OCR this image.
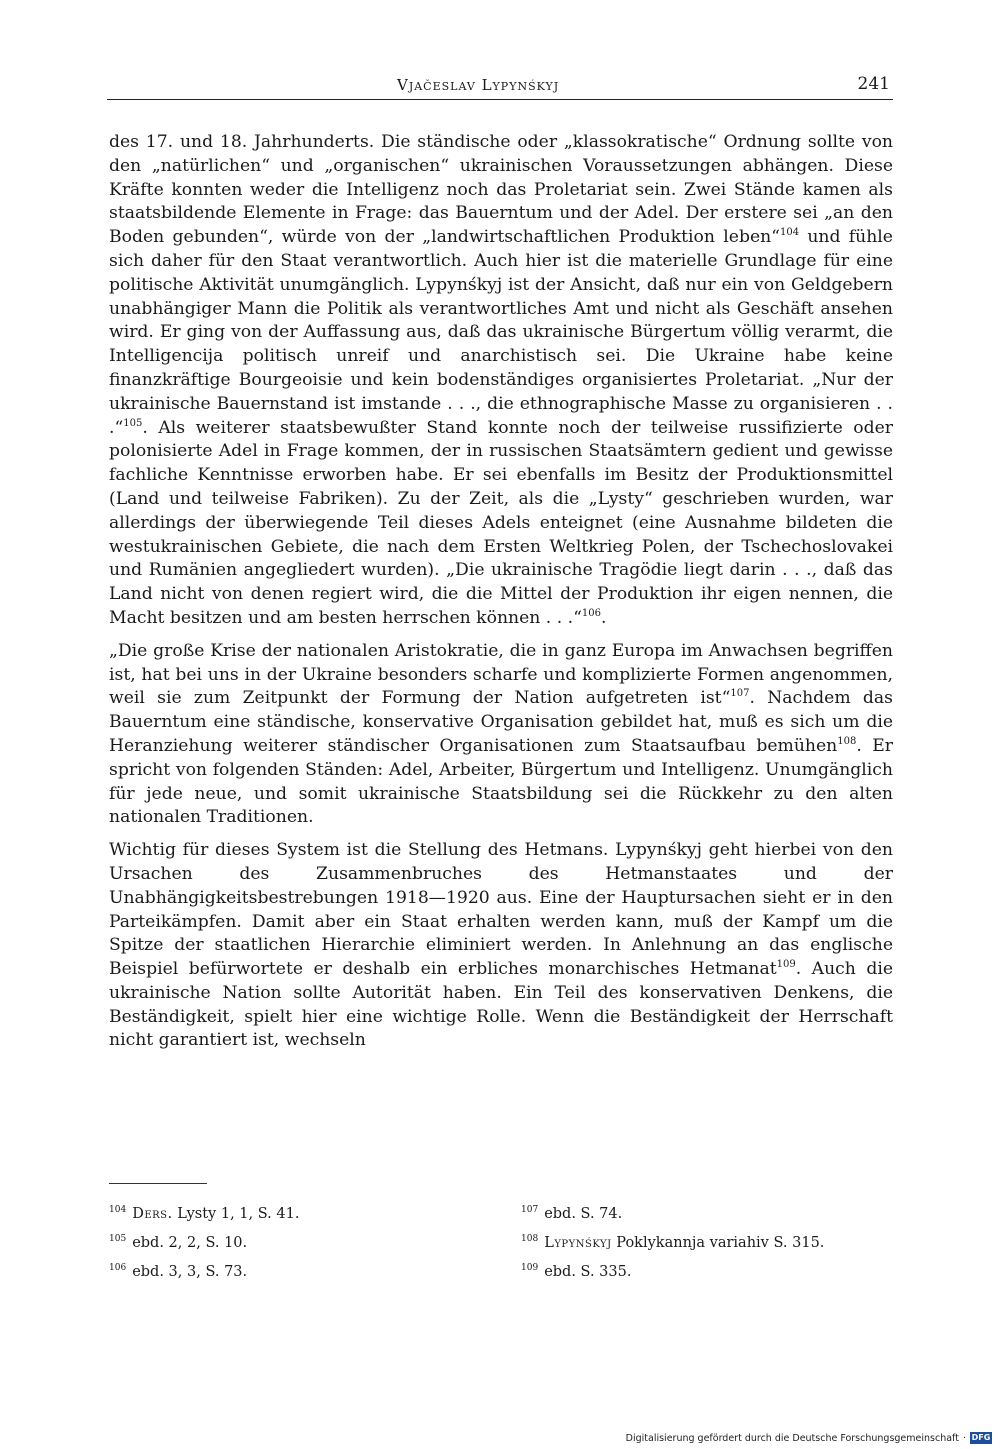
Vjačeslav Lypynśkyj	241

des 17. und 18. Jahrhunderts. Die ständische oder „klassokratische“ Ordnung sollte von den „natürlichen“ und „organischen“ ukrainischen Voraussetzungen abhängen. Diese Kräfte konnten weder die Intelligenz noch das Proletariat sein. Zwei Stände kamen als staatsbildende Elemente in Frage: das Bauerntum und der Adel. Der erstere sei „an den Boden gebunden“, würde von der „landwirtschaftlichen Produktion leben“$^{104}$ und fühle sich daher für den Staat verantwortlich. Auch hier ist die materielle Grundlage für eine politische Aktivität unumgänglich. Lypynśkyj ist der Ansicht, daß nur ein von Geldgebern unabhängiger Mann die Politik als verantwortliches Amt und nicht als Geschäft ansehen wird. Er ging von der Auffassung aus, daß das ukrainische Bürgertum völlig verarmt, die Intelligencija politisch unreif und anarchistisch sei. Die Ukraine habe keine finanzkräftige Bourgeoisie und kein bodenständiges organisiertes Proletariat. „Nur der ukrainische Bauernstand ist imstande . . ., die ethnographische Masse zu organisieren . . .“$^{105}$. Als weiterer staatsbewußter Stand konnte noch der teilweise russifizierte oder polonisierte Adel in Frage kommen, der in russischen Staatsämtern gedient und gewisse fachliche Kenntnisse erworben habe. Er sei ebenfalls im Besitz der Produktionsmittel (Land und teilweise Fabriken). Zu der Zeit, als die „Lysty“ geschrieben wurden, war allerdings der überwiegende Teil dieses Adels enteignet (eine Ausnahme bildeten die westukrainischen Gebiete, die nach dem Ersten Weltkrieg Polen, der Tschechoslovakei und Rumänien angegliedert wurden). „Die ukrainische Tragödie liegt darin . . ., daß das Land nicht von denen regiert wird, die die Mittel der Produktion ihr eigen nennen, die Macht besitzen und am besten herrschen können . . .“$^{106}$.

„Die große Krise der nationalen Aristokratie, die in ganz Europa im Anwachsen begriffen ist, hat bei uns in der Ukraine besonders scharfe und komplizierte Formen angenommen, weil sie zum Zeitpunkt der Formung der Nation aufgetreten ist“$^{107}$. Nachdem das Bauerntum eine ständische, konservative Organisation gebildet hat, muß es sich um die Heranziehung weiterer ständischer Organisationen zum Staatsaufbau bemühen$^{108}$. Er spricht von folgenden Ständen: Adel, Arbeiter, Bürgertum und Intelligenz. Unumgänglich für jede neue, und somit ukrainische Staatsbildung sei die Rückkehr zu den alten nationalen Traditionen.

Wichtig für dieses System ist die Stellung des Hetmans. Lypynśkyj geht hierbei von den Ursachen des Zusammenbruches des Hetmanstaates und der Unabhängigkeitsbestrebungen 1918—1920 aus. Eine der Hauptursachen sieht er in den Parteikämpfen. Damit aber ein Staat erhalten werden kann, muß der Kampf um die Spitze der staatlichen Hierarchie eliminiert werden. In Anlehnung an das englische Beispiel befürwortete er deshalb ein erbliches monarchisches Hetmanat$^{109}$. Auch die ukrainische Nation sollte Autorität haben. Ein Teil des konservativen Denkens, die Beständigkeit, spielt hier eine wichtige Rolle. Wenn die Beständigkeit der Herrschaft nicht garantiert ist, wechseln

$^{104}$ Ders. Lysty 1, 1, S. 41.
$^{105}$ ebd. 2, 2, S. 10.
$^{106}$ ebd. 3, 3, S. 73.
$^{107}$ ebd. S. 74.
$^{108}$ Lypynśkyj Poklykannja variahiv S. 315.
$^{109}$ ebd. S. 335.
Digitalisierung gefördert durch die Deutsche Forschungsgemeinschaft · DFG
